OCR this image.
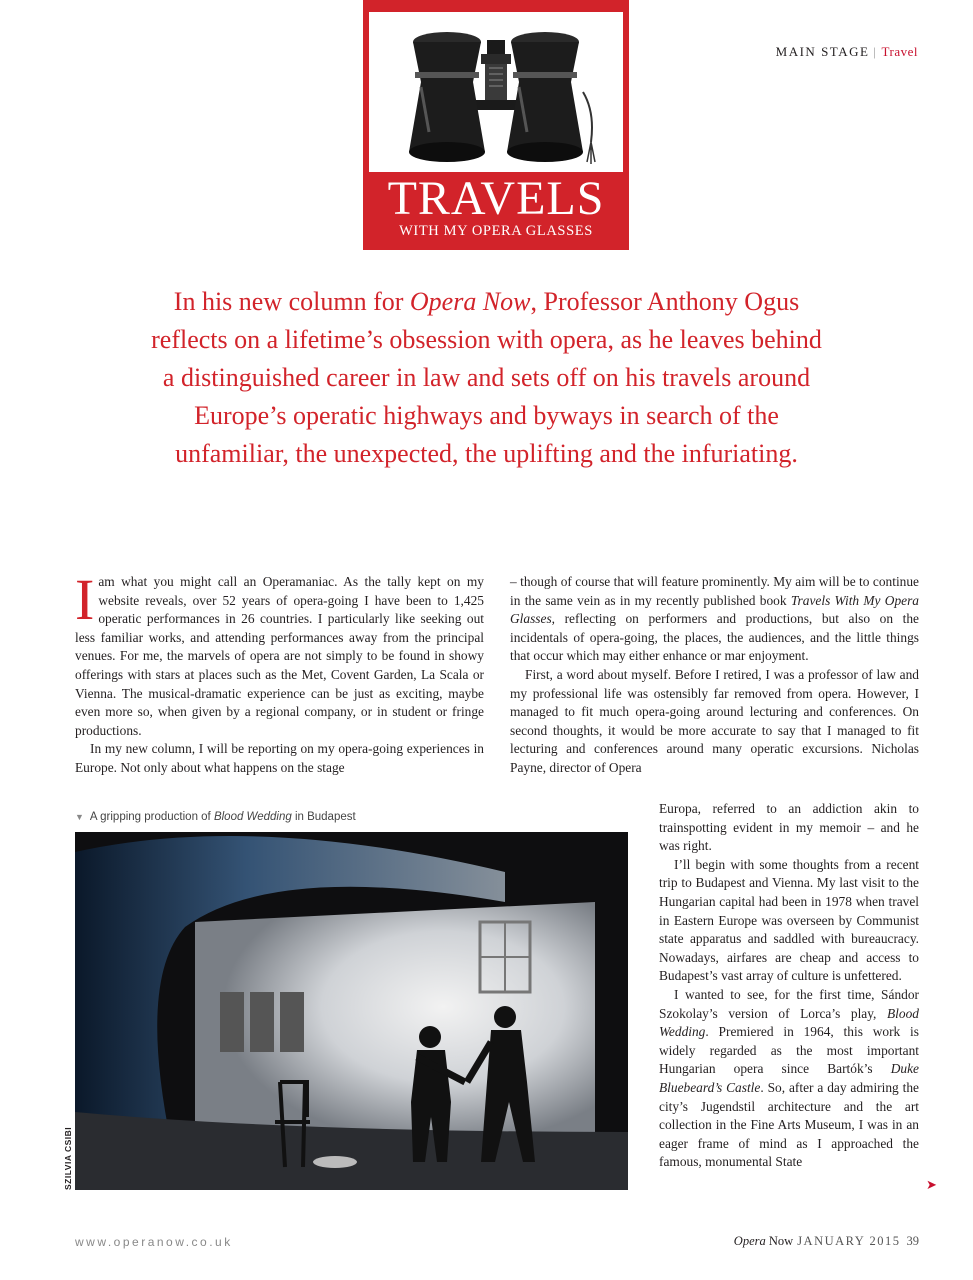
MAIN STAGE | Travel
TRAVELS
WITH MY OPERA GLASSES
In his new column for Opera Now, Professor Anthony Ogus reflects on a lifetime’s obsession with opera, as he leaves behind a distinguished career in law and sets off on his travels around Europe’s operatic highways and byways in search of the unfamiliar, the unexpected, the uplifting and the infuriating.

Iam what you might call an Operamaniac. As the tally kept on my website reveals, over 52 years of opera-going I have been to 1,425 operatic performances in 26 countries. I particularly like seeking out less familiar works, and attending performances away from the principal venues. For me, the marvels of opera are not simply to be found in showy offerings with stars at places such as the Met, Covent Garden, La Scala or Vienna. The musical-dramatic experience can be just as exciting, maybe even more so, when given by a regional company, or in student or fringe productions.

In my new column, I will be reporting on my opera-going experiences in Europe. Not only about what happens on the stage

– though of course that will feature prominently. My aim will be to continue in the same vein as in my recently published book Travels With My Opera Glasses, reflecting on performers and productions, but also on the incidentals of opera-going, the places, the audiences, and the little things that occur which may either enhance or mar enjoyment.

First, a word about myself. Before I retired, I was a professor of law and my professional life was ostensibly far removed from opera. However, I managed to fit much opera-going around lecturing and conferences. On second thoughts, it would be more accurate to say that I managed to fit lecturing and conferences around many operatic excursions. Nicholas Payne, director of Opera

Europa, referred to an addiction akin to trainspotting evident in my memoir – and he was right.

I’ll begin with some thoughts from a recent trip to Budapest and Vienna. My last visit to the Hungarian capital had been in 1978 when travel in Eastern Europe was overseen by Communist state apparatus and saddled with bureaucracy. Nowadays, airfares are cheap and access to Budapest’s vast array of culture is unfettered.

I wanted to see, for the first time, Sándor Szokolay’s version of Lorca’s play, Blood Wedding. Premiered in 1964, this work is widely regarded as the most important Hungarian opera since Bartók’s Duke Bluebeard’s Castle. So, after a day admiring the city’s Jugendstil architecture and the art collection in the Fine Arts Museum, I was in an eager frame of mind as I approached the famous, monumental State

▼ A gripping production of Blood Wedding in Budapest
SZILVIA CSIBI	➤
www.operanow.co.uk	Opera Now JANUARY 2015 39
